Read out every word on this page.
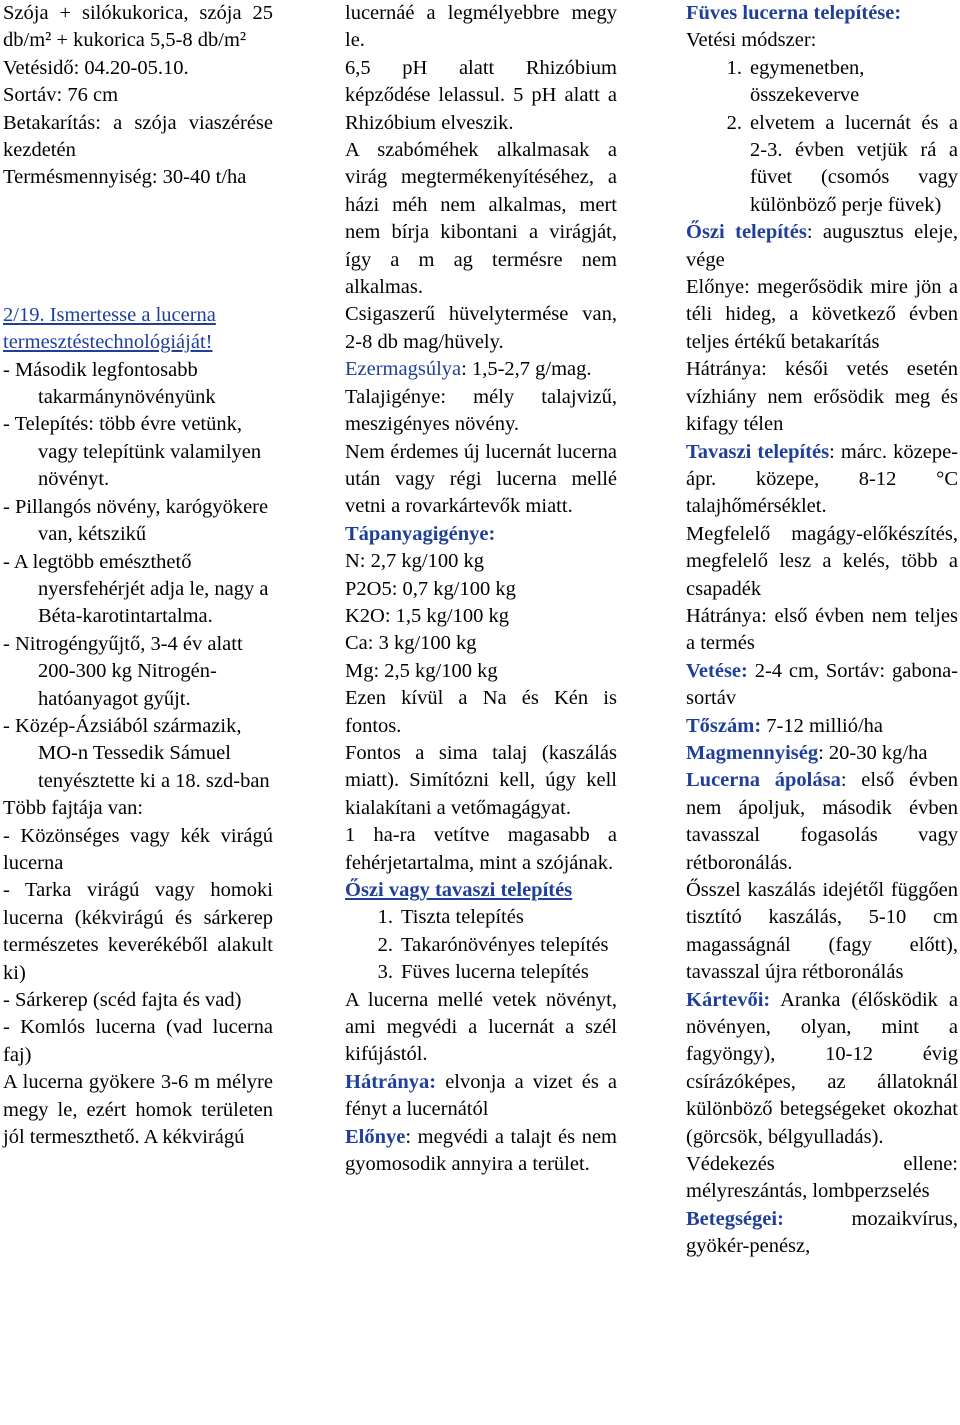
Szója + silókukorica, szója 25 db/m² + kukorica 5,5-8 db/m²

Vetésidő: 04.20-05.10.

Sortáv: 76 cm

Betakarítás: a szója viaszérése kezdetén

Termésmennyiség: 30-40 t/ha

2/19. Ismertesse a lucerna termesztéstechnológiáját!

- Második legfontosabb takarmánynövényünk

- Telepítés: több évre vetünk, vagy telepítünk valamilyen növényt.

- Pillangós növény, karógyökere van, kétszikű

- A legtöbb emészthető nyersfehérjét adja le, nagy a Béta-karotintartalma.

- Nitrogéngyűjtő, 3-4 év alatt 200-300 kg Nitrogén-hatóanyagot gyűjt.

- Közép-Ázsiából származik, MO-n Tessedik Sámuel tenyésztette ki a 18. szd-ban

Több fajtája van:

- Közönséges vagy kék virágú lucerna

- Tarka virágú vagy homoki lucerna (kékvirágú és sárkerep természetes keverékéből alakult ki)

- Sárkerep (scéd fajta és vad)

- Komlós lucerna (vad lucerna faj)

A lucerna gyökere 3-6 m mélyre megy le, ezért homok területen jól termeszthető. A kékvirágú

lucernáé a legmélyebbre megy le.

6,5 pH alatt Rhizóbium képződése lelassul. 5 pH alatt a Rhizóbium elveszik.

A szabóméhek alkalmasak a virág megtermékenyítéséhez, a házi méh nem alkalmas, mert nem bírja kibontani a virágját, így a m ag termésre nem alkalmas.

Csigaszerű hüvelytermése van, 2-8 db mag/hüvely.

Ezermagsúlya: 1,5-2,7 g/mag.

Talajigénye: mély talajvizű, meszigényes növény.

Nem érdemes új lucernát lucerna után vagy régi lucerna mellé vetni a rovarkártevők miatt.

Tápanyagigénye:

N: 2,7 kg/100 kg

P2O5: 0,7 kg/100 kg

K2O: 1,5 kg/100 kg

Ca: 3 kg/100 kg

Mg: 2,5 kg/100 kg

Ezen kívül a Na és Kén is fontos.

Fontos a sima talaj (kaszálás miatt). Simítózni kell, úgy kell kialakítani a vetőmagágyat.

1 ha-ra vetítve magasabb a fehérjetartalma, mint a szójának.

Őszi vagy tavaszi telepítés

1. Tiszta telepítés
2. Takarónövényes telepítés
3. Füves lucerna telepítés

A lucerna mellé vetek növényt, ami megvédi a lucernát a szél kifújástól.

Hátránya: elvonja a vizet és a fényt a lucernától

Előnye: megvédi a talajt és nem gyomosodik annyira a terület.

Füves lucerna telepítése:

Vetési módszer:

1. egymenetben, összekeverve
2. elvetem a lucernát és a 2-3. évben vetjük rá a füvet (csomós vagy különböző perje füvek)

Őszi telepítés: augusztus eleje, vége

Előnye: megerősödik mire jön a téli hideg, a következő évben teljes értékű betakarítás

Hátránya: késői vetés esetén vízhiány nem erősödik meg és kifagy télen

Tavaszi telepítés: márc. közepe-ápr. közepe, 8-12 °C talajhőmérséklet.

Megfelelő magágy-előkészítés, megfelelő lesz a kelés, több a csapadék

Hátránya: első évben nem teljes a termés

Vetése: 2-4 cm, Sortáv: gabona-sortáv

Tőszám: 7-12 millió/ha

Magmennyiség: 20-30 kg/ha

Lucerna ápolása: első évben nem ápoljuk, második évben tavasszal fogasolás vagy rétboronálás.

Ősszel kaszálás idejétől függően tisztító kaszálás, 5-10 cm magasságnál (fagy előtt), tavasszal újra rétboronálás

Kártevői: Aranka (élősködik a növényen, olyan, mint a fagyöngy), 10-12 évig csírázóképes, az állatoknál különböző betegségeket okozhat (görcsök, bélgyulladás).

Védekezés ellene: mélyreszántás, lombperzselés

Betegségei: mozaikvírus, gyökér-penész,
